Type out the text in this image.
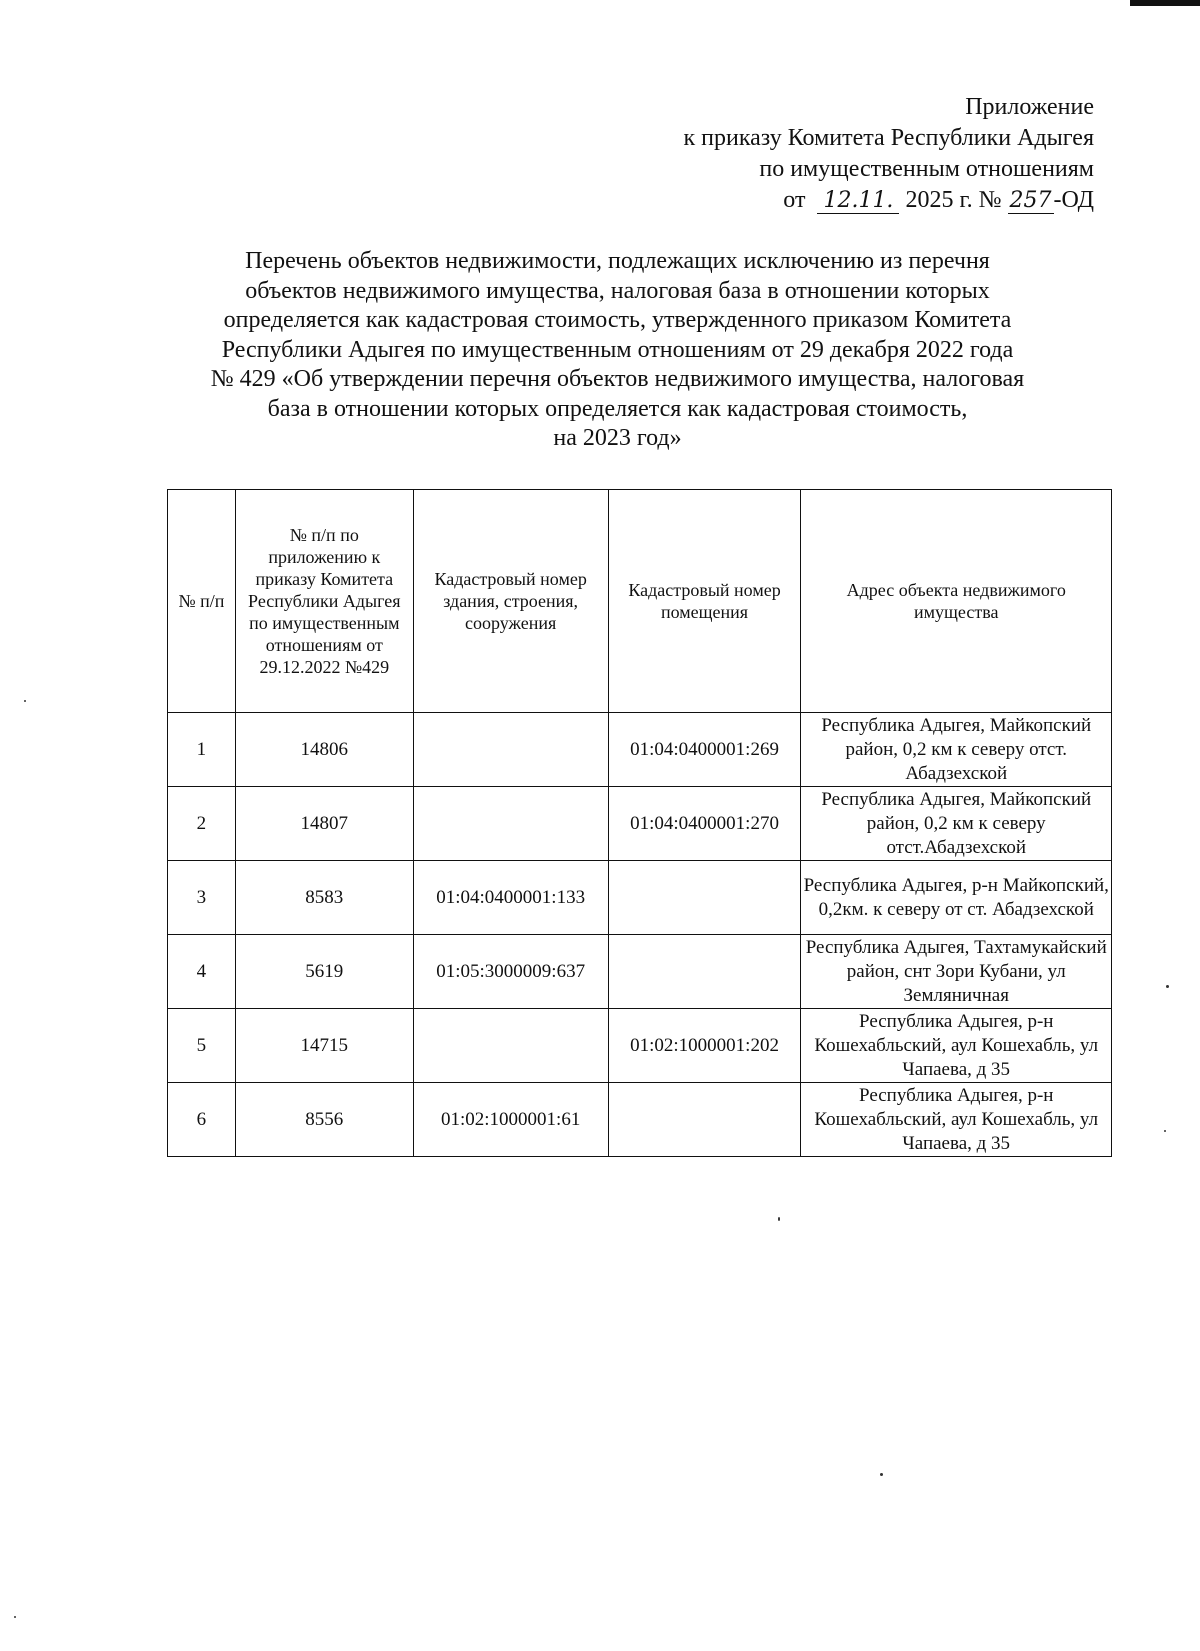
Приложение
к приказу Комитета Республики Адыгея
по имущественным отношениям
от 12.11. 2025 г. № 257-ОД
Перечень объектов недвижимости, подлежащих исключению из перечня
объектов недвижимого имущества, налоговая база в отношении которых
определяется как кадастровая стоимость, утвержденного приказом Комитета
Республики Адыгея по имущественным отношениям от 29 декабря 2022 года
№ 429 «Об утверждении перечня объектов недвижимого имущества, налоговая
база в отношении которых определяется как кадастровая стоимость,
на 2023 год»
№ п/п	№ п/п по приложению к приказу Комитета Республики Адыгея по имущественным отношениям от 29.12.2022 №429	Кадастровый номер здания, строения, сооружения	Кадастровый номер помещения	Адрес объекта недвижимого имущества
1	14806		01:04:0400001:269	Республика Адыгея, Майкопский район, 0,2 км к северу отст. Абадзехской
2	14807		01:04:0400001:270	Республика Адыгея, Майкопский район, 0,2 км к северу отст.Абадзехской
3	8583	01:04:0400001:133		Республика Адыгея, р-н Майкопский, 0,2км. к северу от ст. Абадзехской
4	5619	01:05:3000009:637		Республика Адыгея, Тахтамукайский район, снт Зори Кубани, ул Земляничная
5	14715		01:02:1000001:202	Республика Адыгея, р-н Кошехабльский, аул Кошехабль, ул Чапаева, д 35
6	8556	01:02:1000001:61		Республика Адыгея, р-н Кошехабльский, аул Кошехабль, ул Чапаева, д 35
